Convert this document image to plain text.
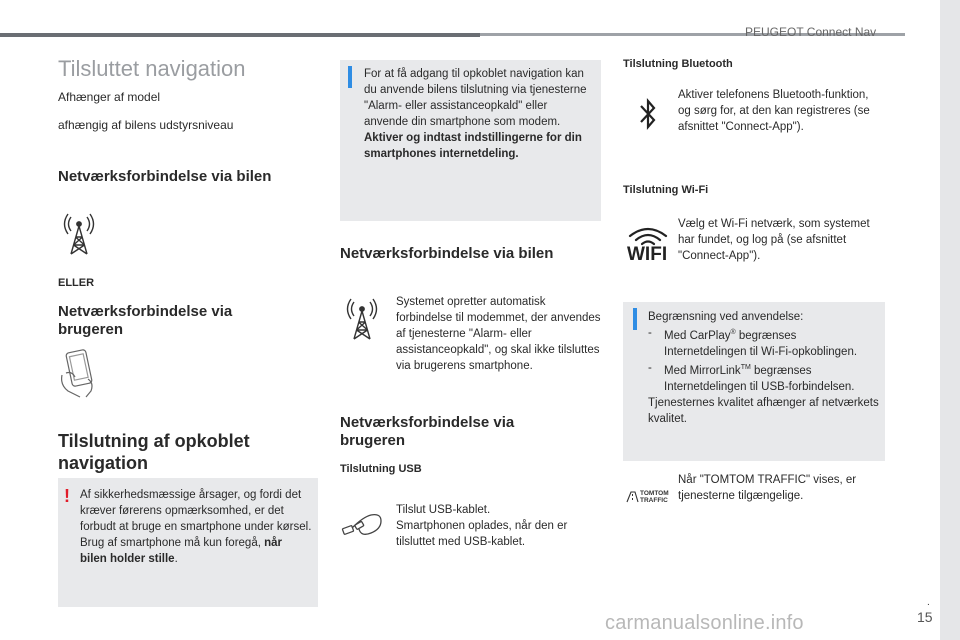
PEUGEOT Connect Nav
.
15
carmanualsonline.info
Tilsluttet navigation
Afhænger af model
afhængig af bilens udstyrsniveau
Netværksforbindelse via bilen
ELLER
Netværksforbindelse via brugeren
Tilslutning af opkoblet navigation
! Af sikkerhedsmæssige årsager, og fordi det kræver førerens opmærksomhed, er det forbudt at bruge en smartphone under kørsel.
Brug af smartphone må kun foregå, når bilen holder stille.
For at få adgang til opkoblet navigation kan du anvende bilens tilslutning via tjenesterne "Alarm- eller assistanceopkald" eller anvende din smartphone som modem.
Aktiver og indtast indstillingerne for din smartphones internetdeling.
Netværksforbindelse via bilen
Systemet opretter automatisk forbindelse til modemmet, der anvendes af tjenesterne "Alarm- eller assistanceopkald", og skal ikke tilsluttes via brugerens smartphone.
Netværksforbindelse via brugeren
Tilslutning USB
Tilslut USB-kablet.
Smartphonen oplades, når den er tilsluttet med USB-kablet.
Tilslutning Bluetooth
Aktiver telefonens Bluetooth-funktion, og sørg for, at den kan registreres (se afsnittet "Connect-App").
Tilslutning Wi-Fi
WIFI
Vælg et Wi-Fi netværk, som systemet har fundet, og log på (se afsnittet "Connect-App").
Begrænsning ved anvendelse:
-	Med CarPlay® begrænses Internetdelingen til Wi-Fi-opkoblingen.
-	Med MirrorLink™ begrænses Internetdelingen til USB-forbindelsen.
Tjenesternes kvalitet afhænger af netværkets kvalitet.
TOMTOM
TRAFFIC
Når "TOMTOM TRAFFIC" vises, er tjenesterne tilgængelige.
